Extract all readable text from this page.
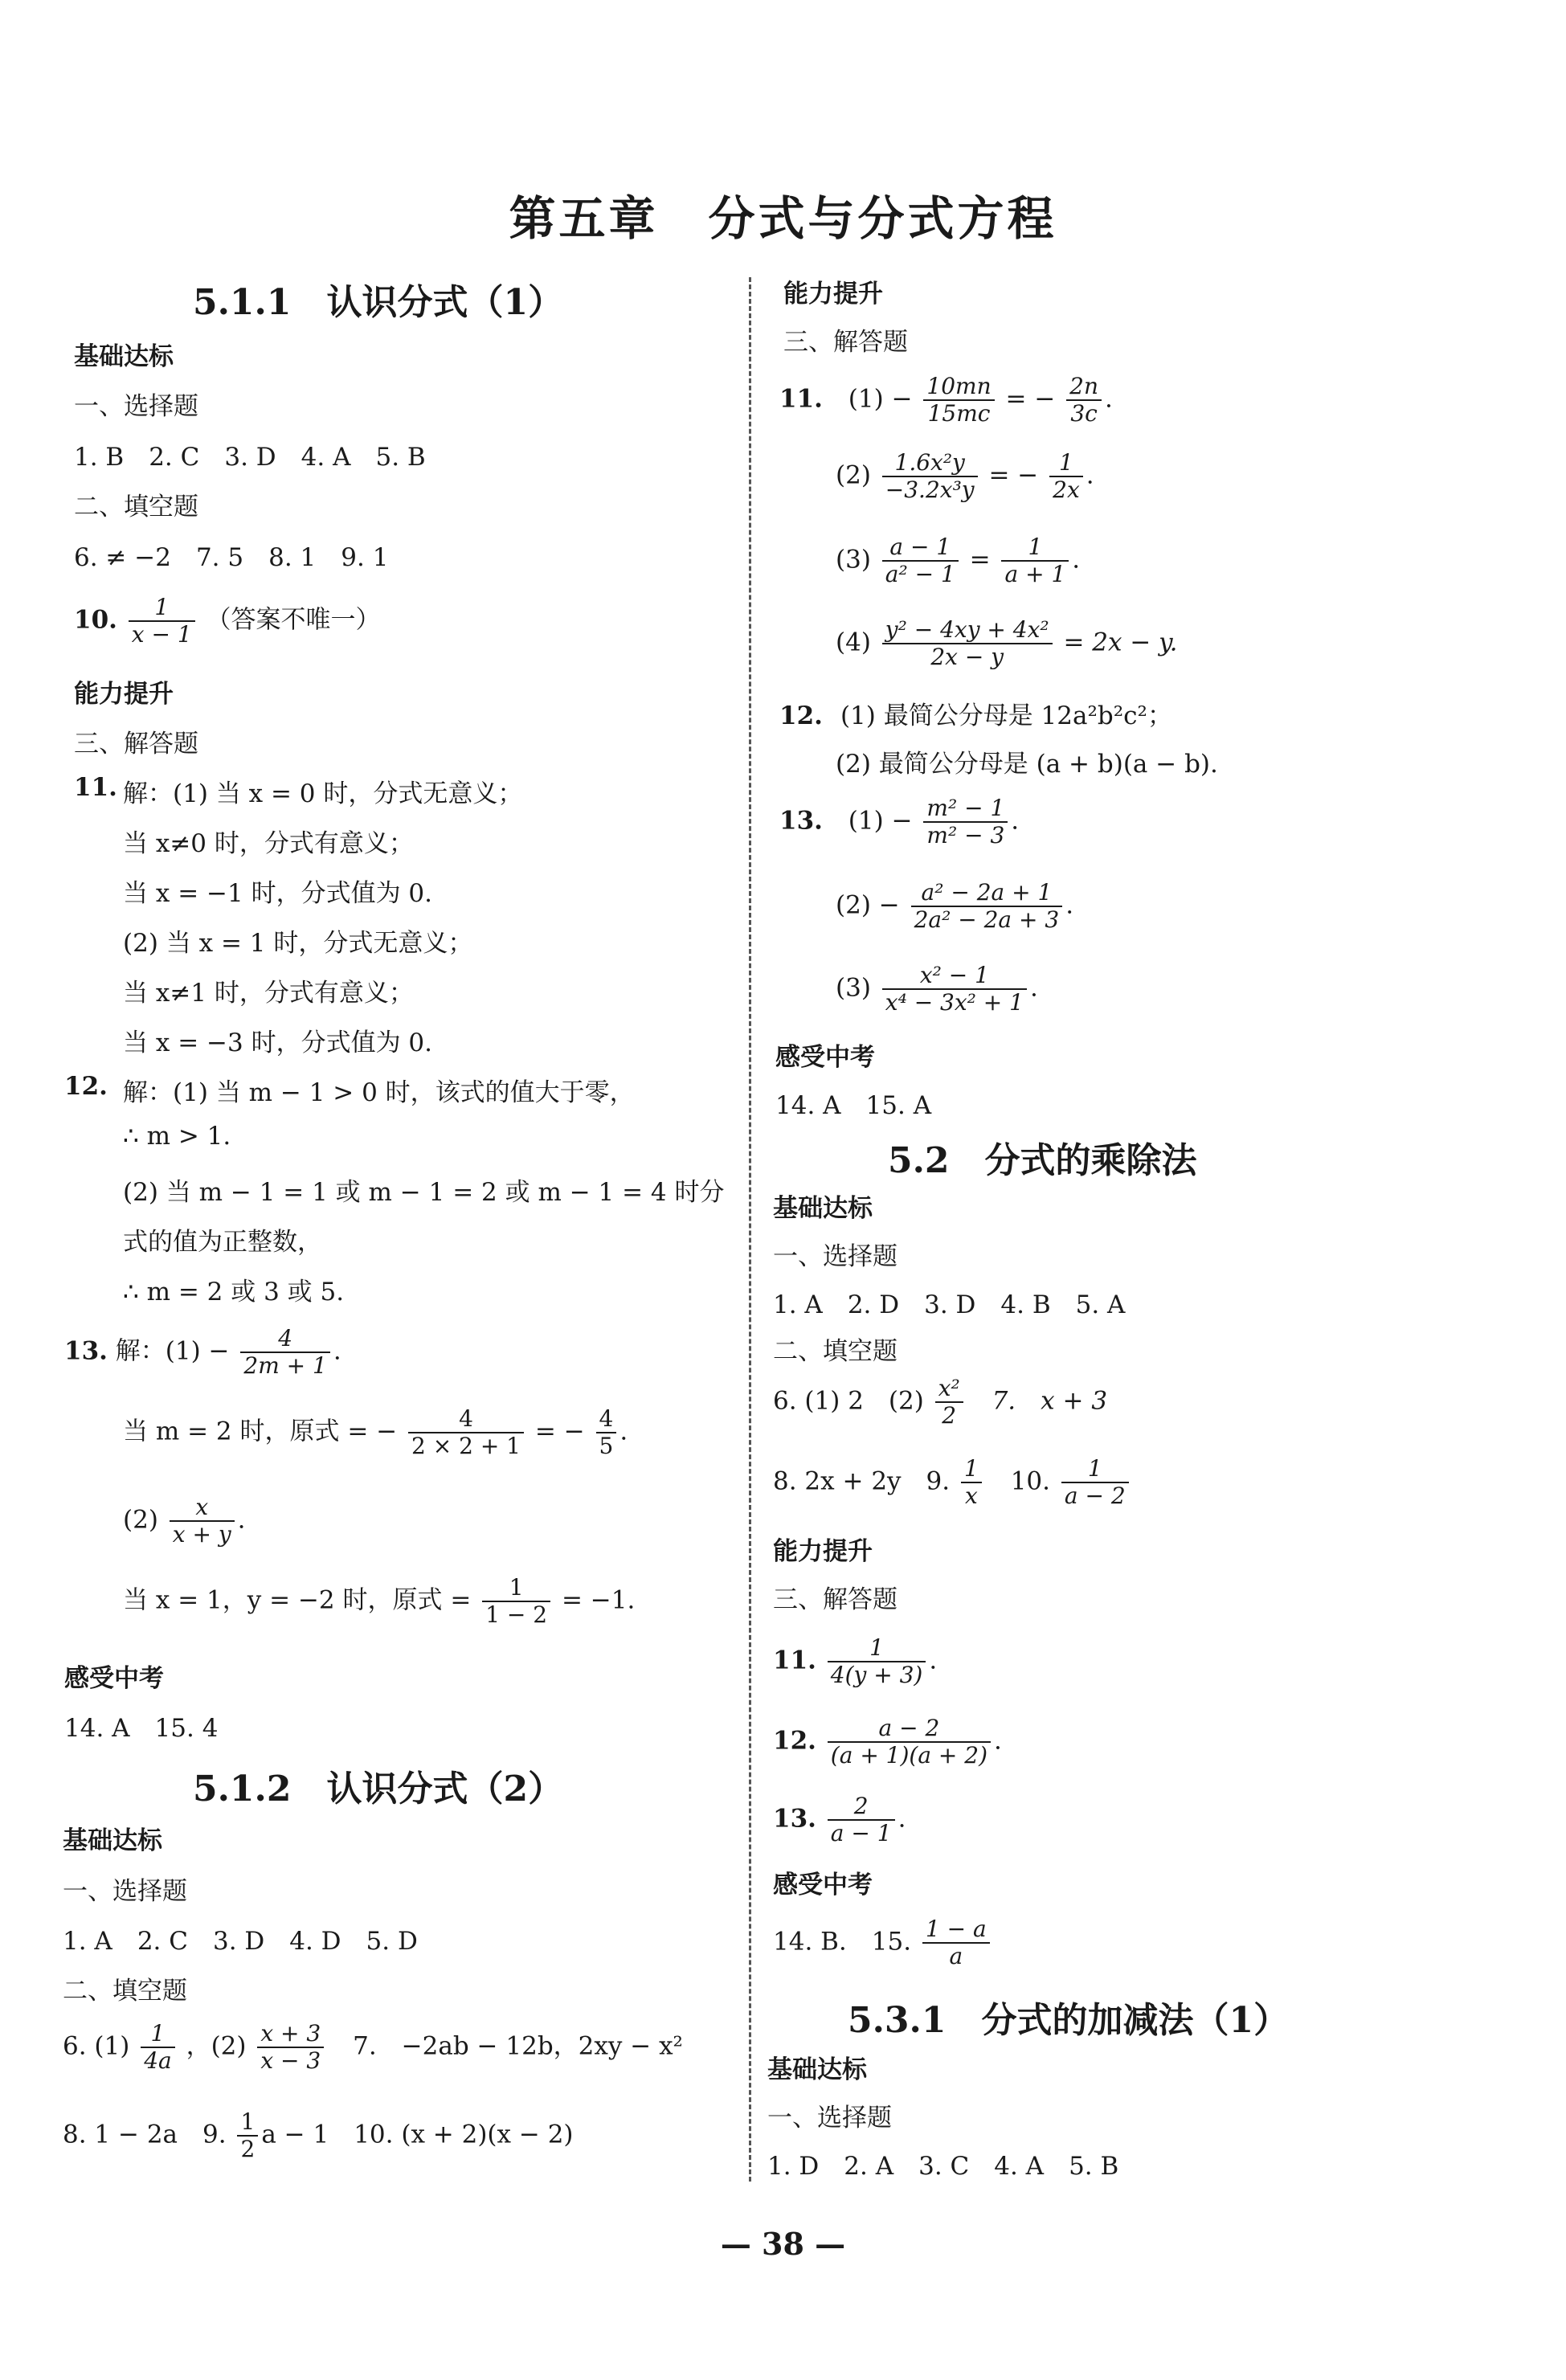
第五章　分式与分式方程
5.1.1　认识分式（1）
基础达标
一、选择题
1. B　2. C　3. D　4. A　5. B
二、填空题
6. ≠ −2　7. 5　8. 1　9. 1
10. $\frac{1}{x - 1}$ （答案不唯一）
能力提升
三、解答题
11. 解：(1) 当 x = 0 时，分式无意义；
当 x≠0 时，分式有意义；
当 x = −1 时，分式值为 0.
(2) 当 x = 1 时，分式无意义；
当 x≠1 时，分式有意义；
当 x = −3 时，分式值为 0.
12. 解：(1) 当 m − 1 > 0 时，该式的值大于零，
∴ m > 1.
(2) 当 m − 1 = 1 或 m − 1 = 2 或 m − 1 = 4 时分
式的值为正整数，
∴ m = 2 或 3 或 5.
13. 解：$(1) - \frac{4}{2m + 1}$ .
当 m = 2 时，原式 = − $\frac{4}{2 \times 2 + 1}$ = − $\frac{4}{5}$ .
$(2) \frac{x}{x + y}$ .
当 x = 1，y = −2 时，原式 = $\frac{1}{1 - 2} = -1$.
感受中考
14. A　15. 4
5.1.2　认识分式（2）
基础达标
一、选择题
1. A　2. C　3. D　4. D　5. D
二、填空题
6. $(1) \frac{1}{4a}$ ，$(2) \frac{x + 3}{x - 3} 7$.　−2ab − 12b，2xy − x²
8. 1 − 2a　9. $\frac{1}{2}$ a − 1　10. (x + 2)(x − 2)
能力提升
三、解答题
11. $(1) - \frac{10mn}{15mc}$ = − $\frac{2n}{3c}$ .
$(2) \frac{\text{1.6x²y}}{\text{−3.2x³y}}$ = − $\frac{1}{2x}$ .
$(3) \frac{a - 1}{\text{a² − 1}} = \frac{1}{a + 1}$ .
$(4) \frac{\text{y² − 4xy + 4x²}}{2x - y} = 2x - y$.
12. (1) 最简公分母是 12a²b²c²；
(2) 最简公分母是 (a + b)(a − b).
13. $(1) - \frac{\text{m² − 1}}{\text{m² − 3}}$ .
$(2) - \frac{\text{a² − 2a + 1}}{\text{2a² − 2a + 3}}$ .
$(3) \frac{\text{x² − 1}}{\text{x⁴ − 3x² + 1}}$ .
感受中考
14. A　15. A
5.2　分式的乘除法
基础达标
一、选择题
1. A　2. D　3. D　4. B　5. A
二、填空题
6. (1) 2　$(2) \frac{\text{x²}}{2} 7$.　x + 3
8. 2x + 2y　9. $\frac{1}{x} 10$. $\frac{1}{a - 2}$
能力提升
三、解答题
11. $\frac{1}{4(y + 3)}$ .
12. $\frac{a - 2}{(a + 1)(a + 2)}$ .
13. $\frac{2}{a - 1}$ .
感受中考
14. B.　15. $\frac{1 - a}{a}$
5.3.1　分式的加减法（1）
基础达标
一、选择题
1. D　2. A　3. C　4. A　5. B
— 38 —
